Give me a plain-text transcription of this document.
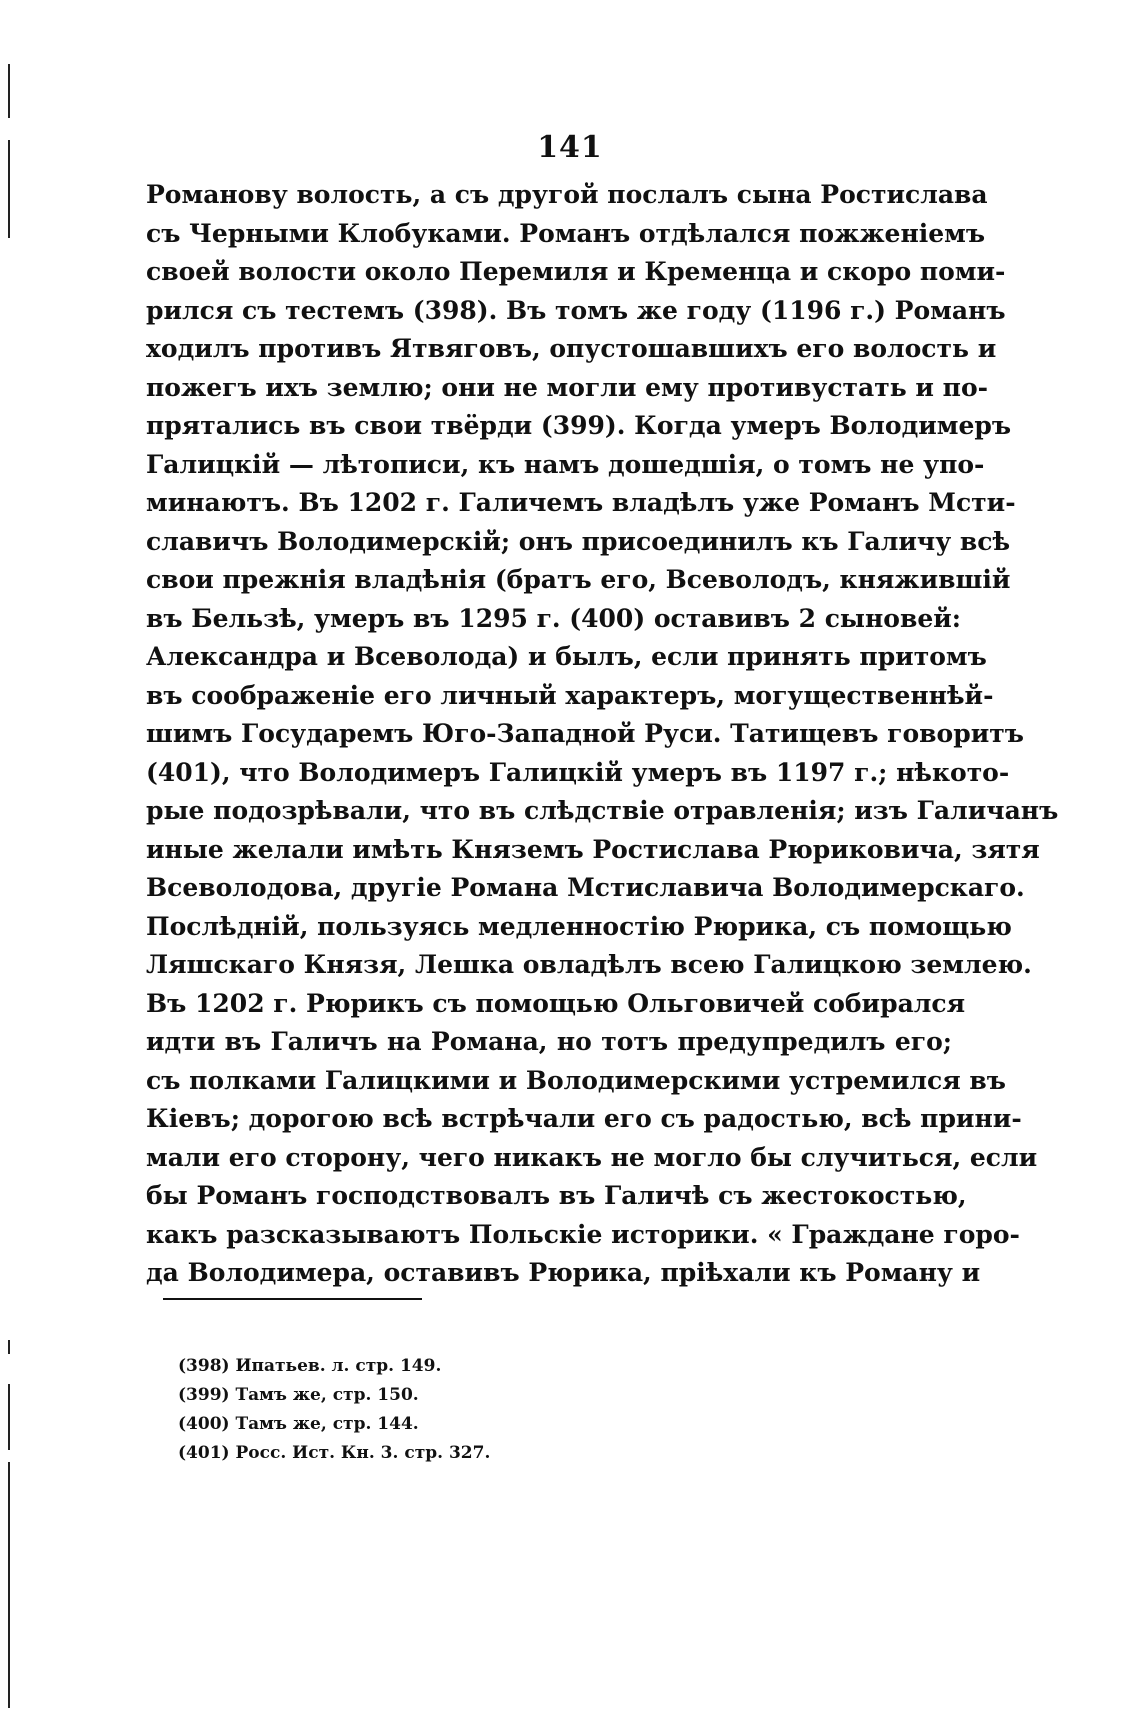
141
Романову волость, а съ другой послалъ сына Ростислава
съ Черными Клобуками. Романъ отдѣлался пожженіемъ
своей волости около Перемиля и Кременца и скоро поми-
рился съ тестемъ (398). Въ томъ же году (1196 г.) Романъ
ходилъ противъ Ятвяговъ, опустошавшихъ его волость и
пожегъ ихъ землю; они не могли ему противустать и по-
прятались въ свои твёрди (399). Когда умеръ Володимеръ
Галицкій — лѣтописи, къ намъ дошедшія, о томъ не упо-
минаютъ. Въ 1202 г. Галичемъ владѣлъ уже Романъ Мсти-
славичъ Володимерскій; онъ присоединилъ къ Галичу всѣ
свои прежнія владѣнія (братъ его, Всеволодъ, княжившій
въ Бельзѣ, умеръ въ 1295 г. (400) оставивъ 2 сыновей:
Александра и Всеволода) и былъ, если принять притомъ
въ соображеніе его личный характеръ, могущественнѣй-
шимъ Государемъ Юго-Западной Руси. Татищевъ говоритъ
(401), что Володимеръ Галицкій умеръ въ 1197 г.; нѣкото-
рые подозрѣвали, что въ слѣдствіе отравленія; изъ Галичанъ
иные желали имѣть Княземъ Ростислава Рюриковича, зятя
Всеволодова, другіе Романа Мстиславича Володимерскаго.
Послѣдній, пользуясь медленностію Рюрика, съ помощью
Ляшскаго Князя, Лешка овладѣлъ всею Галицкою землею.
Въ 1202 г. Рюрикъ съ помощью Ольговичей собирался
идти въ Галичъ на Романа, но тотъ предупредилъ его;
съ полками Галицкими и Володимерскими устремился въ
Кіевъ; дорогою всѣ встрѣчали его съ радостью, всѣ прини-
мали его сторону, чего никакъ не могло бы случиться, если
бы Романъ господствовалъ въ Галичѣ съ жестокостью,
какъ разсказываютъ Польскіе историки. « Граждане горо-
да Володимера, оставивъ Рюрика, пріѣхали къ Роману и
(398) Ипатьев. л. стр. 149.
(399) Тамъ же, стр. 150.
(400) Тамъ же, стр. 144.
(401) Росс. Ист. Кн. 3. стр. 327.
